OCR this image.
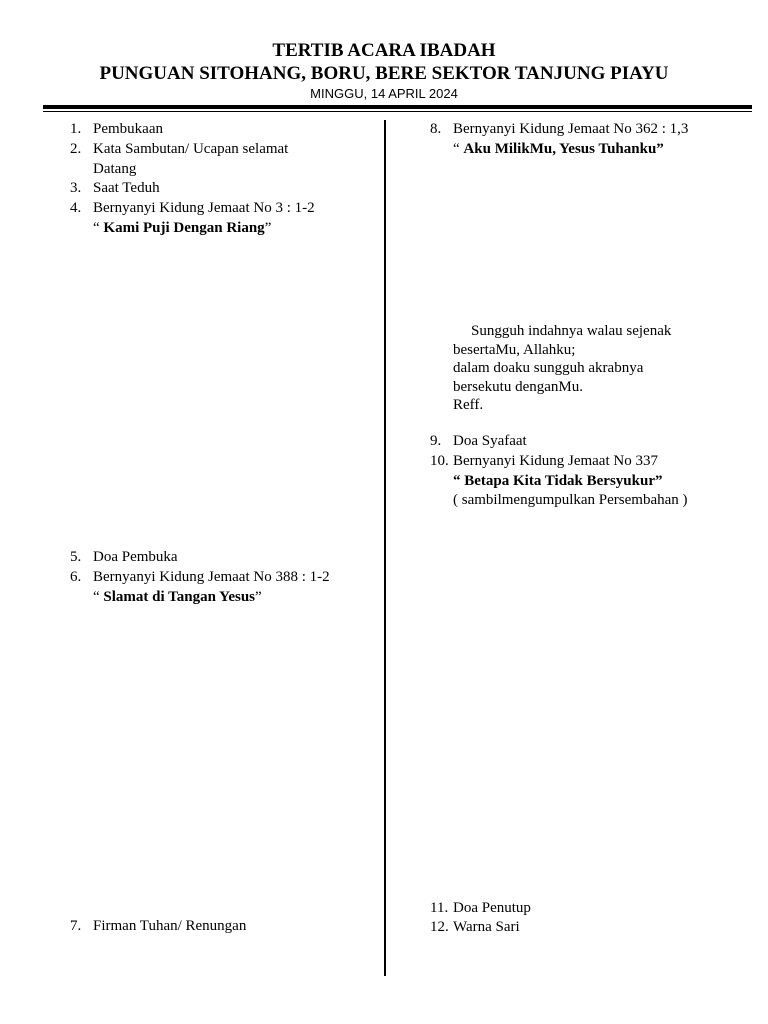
TERTIB ACARA IBADAH
PUNGUAN SITOHANG, BORU, BERE SEKTOR TANJUNG PIAYU
MINGGU, 14 APRIL 2024
1. Pembukaan
2. Kata Sambutan/ Ucapan selamat Datang
3. Saat Teduh
4. Bernyanyi Kidung Jemaat No 3 : 1-2
“ Kami Puji Dengan Riang”
5. Doa Pembuka
6. Bernyanyi Kidung Jemaat No 388 : 1-2
“ Slamat di Tangan Yesus”
7. Firman Tuhan/ Renungan
8. Bernyanyi Kidung Jemaat No 362 : 1,3
“ Aku MilikMu, Yesus Tuhanku”
Sungguh indahnya walau sejenak
besertaMu, Allahku;
dalam doaku sungguh akrabnya
bersekutu denganMu.
Reff.
9. Doa Syafaat
10. Bernyanyi Kidung Jemaat No 337
“ Betapa Kita Tidak Bersyukur”
( sambilmengumpulkan Persembahan )
11. Doa Penutup
12. Warna Sari
